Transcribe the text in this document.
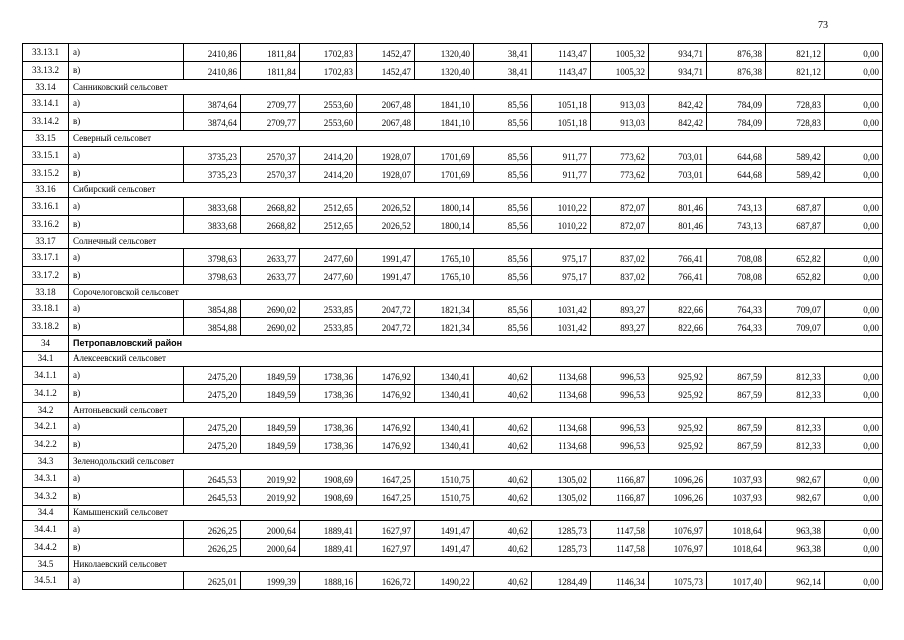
73
33.13.1	а)	2410,86	1811,84	1702,83	1452,47	1320,40	38,41	1143,47	1005,32	934,71	876,38	821,12	0,00
33.13.2	в)	2410,86	1811,84	1702,83	1452,47	1320,40	38,41	1143,47	1005,32	934,71	876,38	821,12	0,00
33.14	Санниковский сельсовет												
33.14.1	а)	3874,64	2709,77	2553,60	2067,48	1841,10	85,56	1051,18	913,03	842,42	784,09	728,83	0,00
33.14.2	в)	3874,64	2709,77	2553,60	2067,48	1841,10	85,56	1051,18	913,03	842,42	784,09	728,83	0,00
33.15	Северный сельсовет												
33.15.1	а)	3735,23	2570,37	2414,20	1928,07	1701,69	85,56	911,77	773,62	703,01	644,68	589,42	0,00
33.15.2	в)	3735,23	2570,37	2414,20	1928,07	1701,69	85,56	911,77	773,62	703,01	644,68	589,42	0,00
33.16	Сибирский сельсовет												
33.16.1	а)	3833,68	2668,82	2512,65	2026,52	1800,14	85,56	1010,22	872,07	801,46	743,13	687,87	0,00
33.16.2	в)	3833,68	2668,82	2512,65	2026,52	1800,14	85,56	1010,22	872,07	801,46	743,13	687,87	0,00
33.17	Солнечный сельсовет												
33.17.1	а)	3798,63	2633,77	2477,60	1991,47	1765,10	85,56	975,17	837,02	766,41	708,08	652,82	0,00
33.17.2	в)	3798,63	2633,77	2477,60	1991,47	1765,10	85,56	975,17	837,02	766,41	708,08	652,82	0,00
33.18	Сорочелоговской сельсовет												
33.18.1	а)	3854,88	2690,02	2533,85	2047,72	1821,34	85,56	1031,42	893,27	822,66	764,33	709,07	0,00
33.18.2	в)	3854,88	2690,02	2533,85	2047,72	1821,34	85,56	1031,42	893,27	822,66	764,33	709,07	0,00
34	Петропавловский район												
34.1	Алексеевский сельсовет												
34.1.1	а)	2475,20	1849,59	1738,36	1476,92	1340,41	40,62	1134,68	996,53	925,92	867,59	812,33	0,00
34.1.2	в)	2475,20	1849,59	1738,36	1476,92	1340,41	40,62	1134,68	996,53	925,92	867,59	812,33	0,00
34.2	Антоньевский сельсовет												
34.2.1	а)	2475,20	1849,59	1738,36	1476,92	1340,41	40,62	1134,68	996,53	925,92	867,59	812,33	0,00
34.2.2	в)	2475,20	1849,59	1738,36	1476,92	1340,41	40,62	1134,68	996,53	925,92	867,59	812,33	0,00
34.3	Зеленодольский сельсовет												
34.3.1	а)	2645,53	2019,92	1908,69	1647,25	1510,75	40,62	1305,02	1166,87	1096,26	1037,93	982,67	0,00
34.3.2	в)	2645,53	2019,92	1908,69	1647,25	1510,75	40,62	1305,02	1166,87	1096,26	1037,93	982,67	0,00
34.4	Камышенский сельсовет												
34.4.1	а)	2626,25	2000,64	1889,41	1627,97	1491,47	40,62	1285,73	1147,58	1076,97	1018,64	963,38	0,00
34.4.2	в)	2626,25	2000,64	1889,41	1627,97	1491,47	40,62	1285,73	1147,58	1076,97	1018,64	963,38	0,00
34.5	Николаевский сельсовет												
34.5.1	а)	2625,01	1999,39	1888,16	1626,72	1490,22	40,62	1284,49	1146,34	1075,73	1017,40	962,14	0,00
